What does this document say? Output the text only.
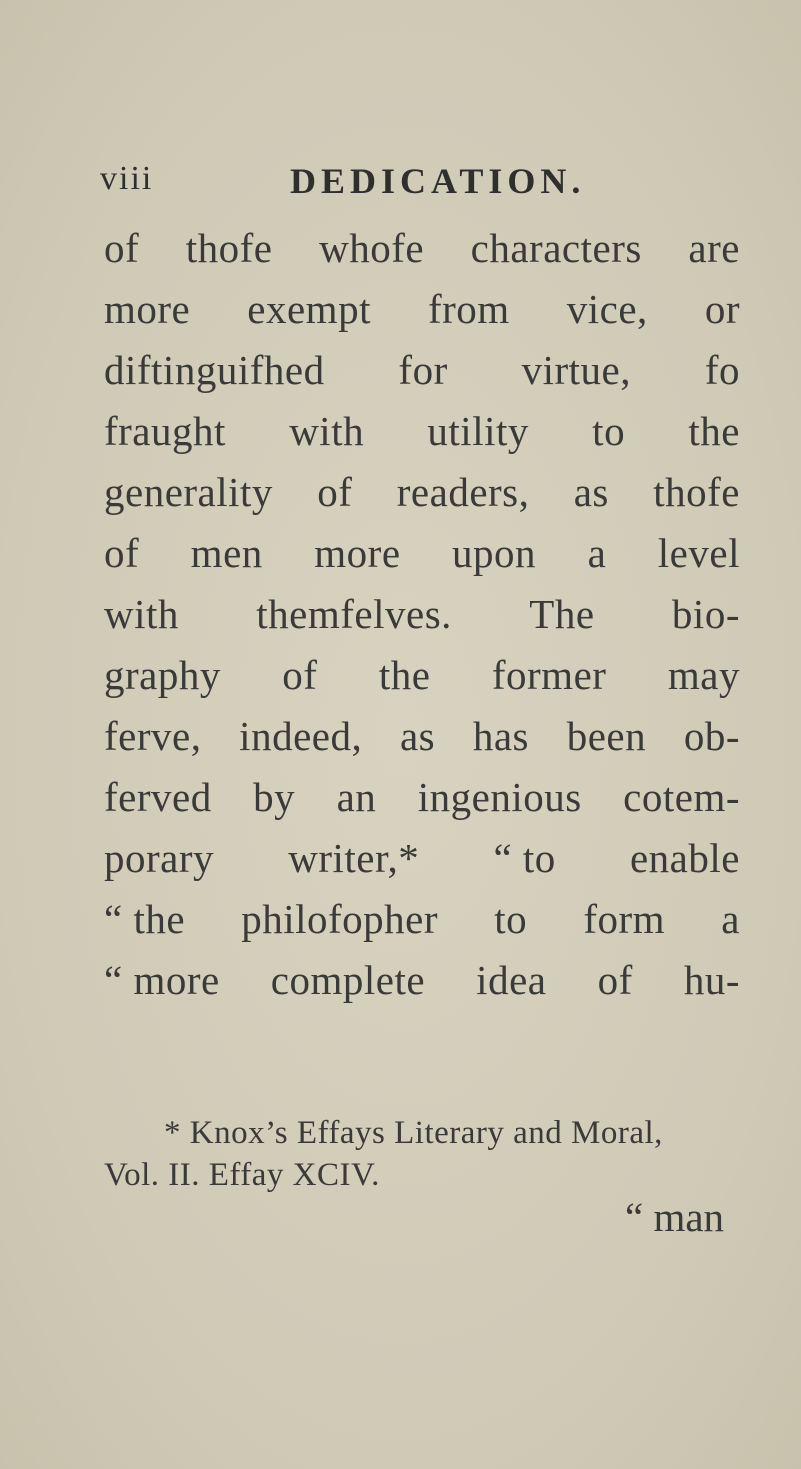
viii	DEDICATION.
of thofe whofe characters are
more exempt from vice, or
diftinguifhed for virtue, fo
fraught with utility to the
generality of readers, as thofe
of men more upon a level
with themfelves. The bio-
graphy of the former may
ferve, indeed, as has been ob-
ferved by an ingenious cotem-
porary writer,* “ to enable
“ the philofopher to form a
“ more complete idea of hu-
* Knox’s Effays Literary and Moral,
Vol. II. Effay XCIV.
“ man
